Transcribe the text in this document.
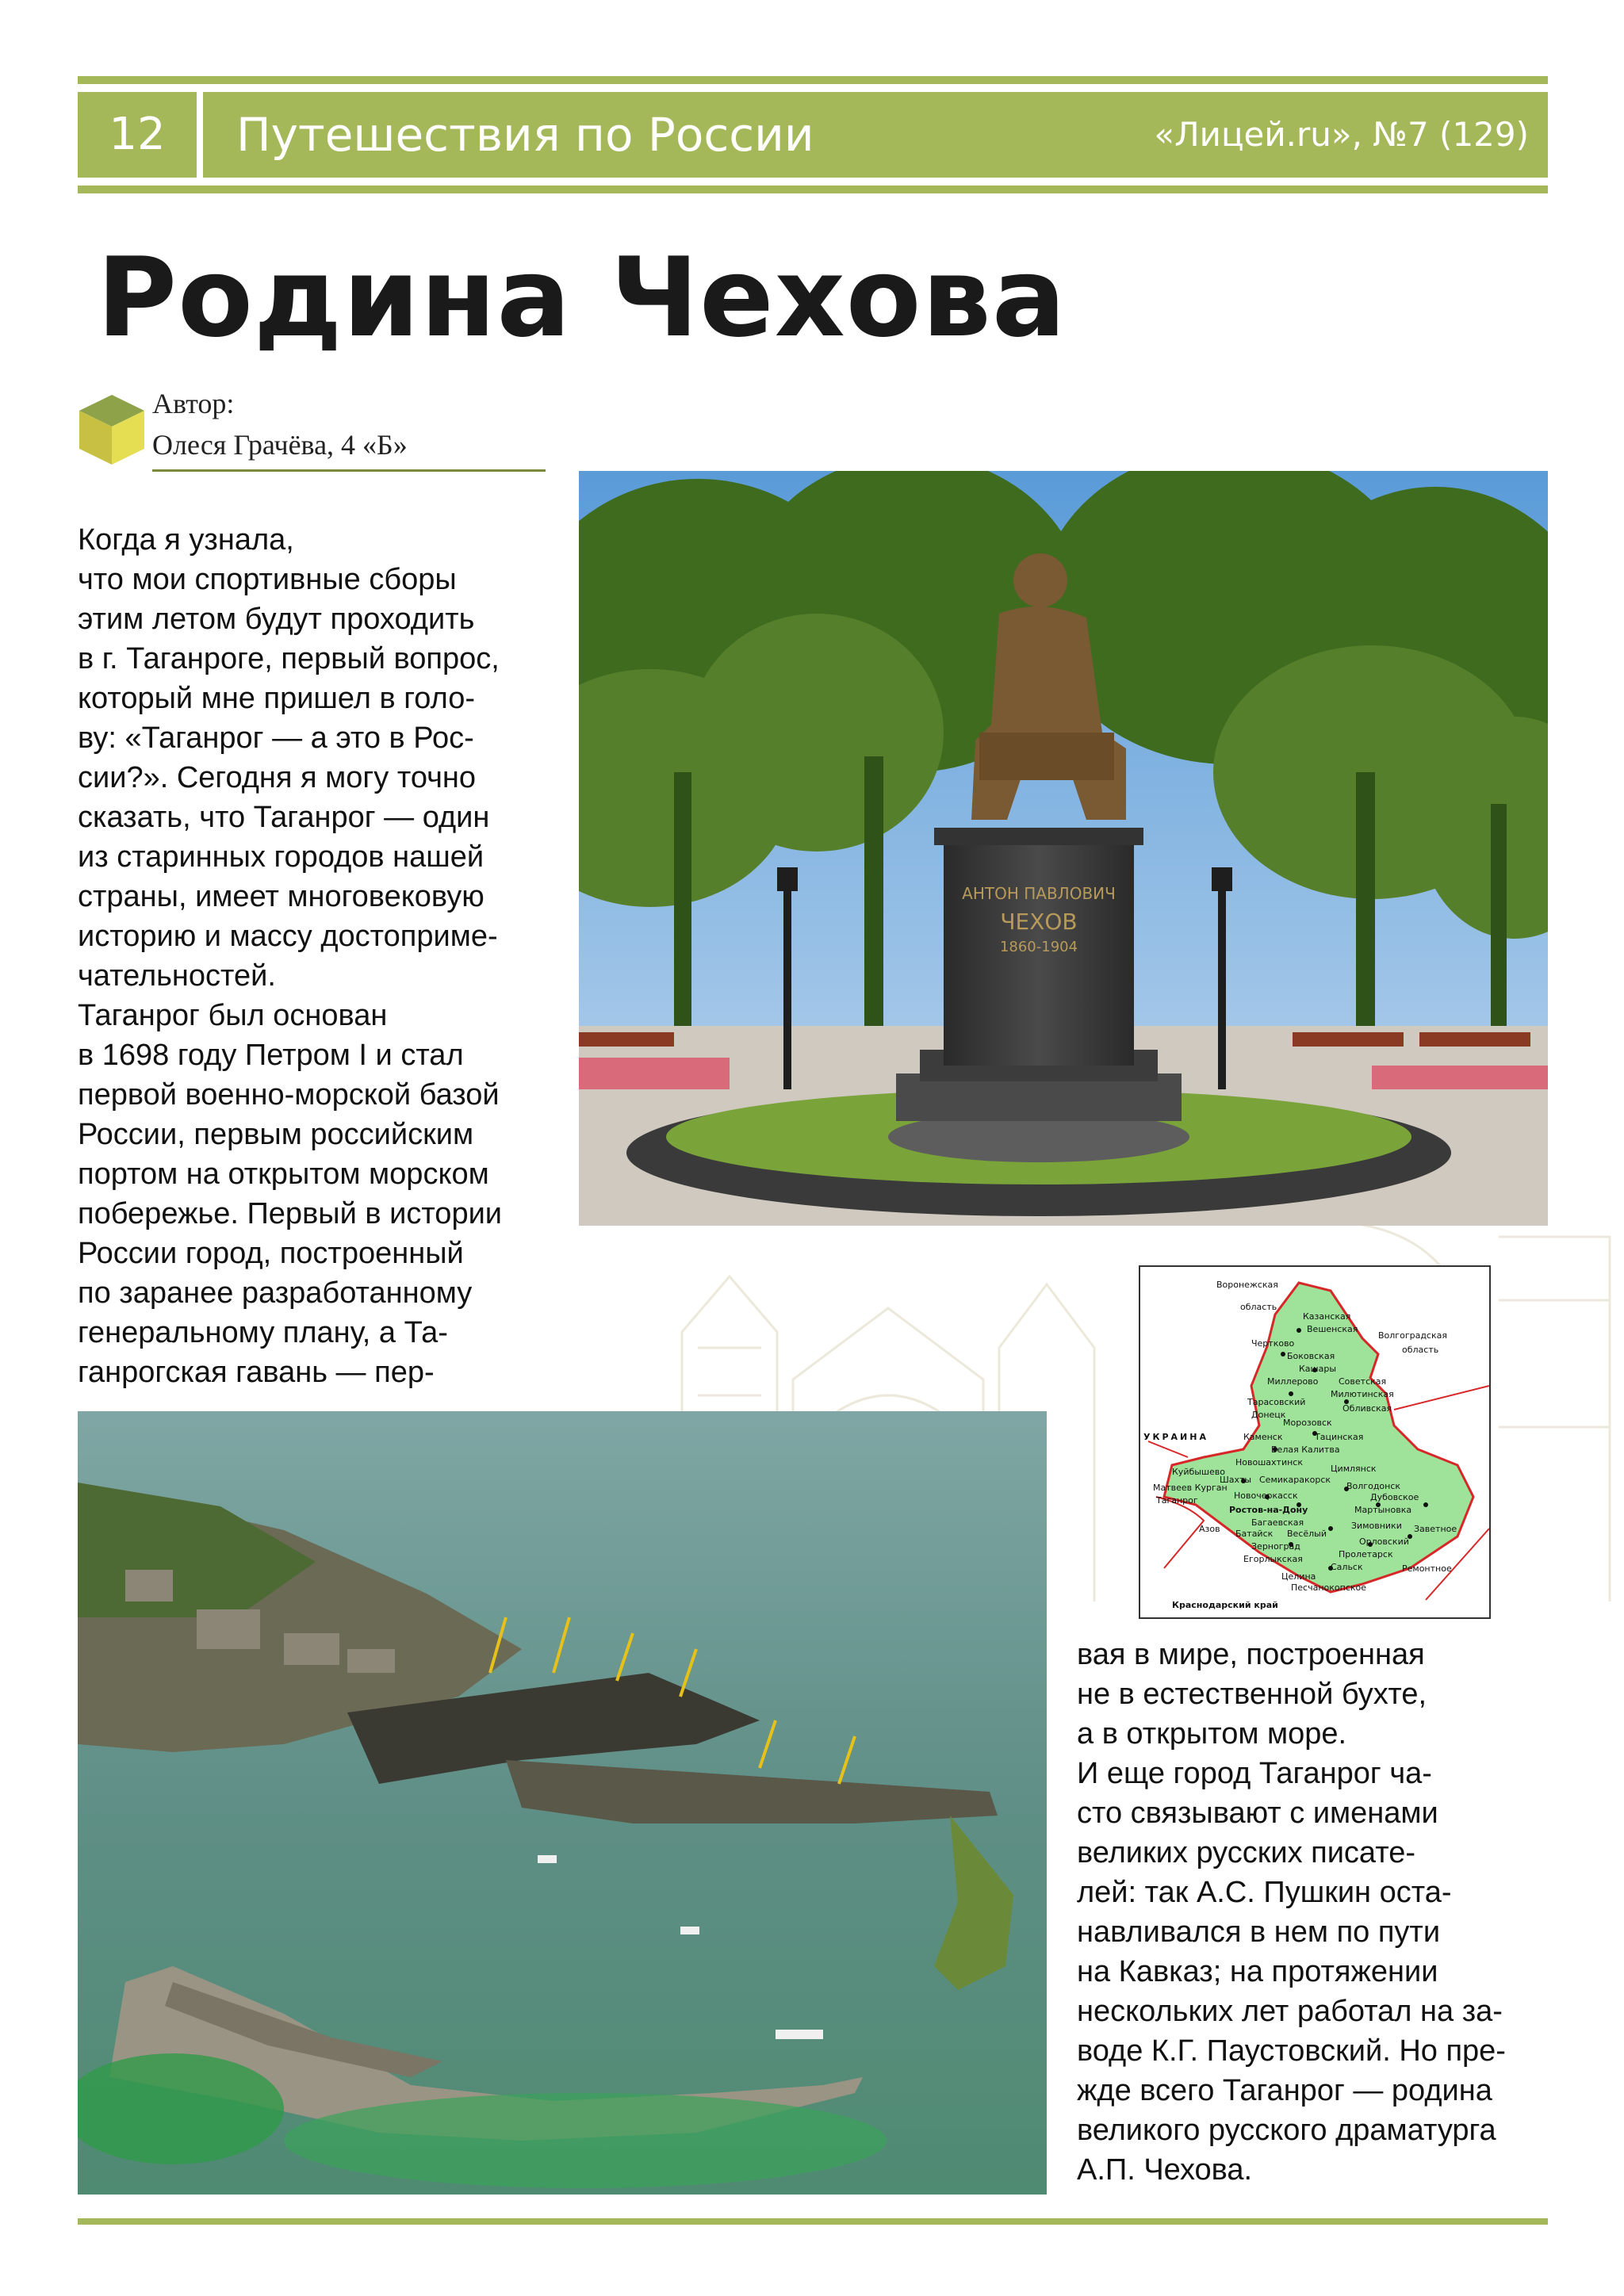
12	Путешествия по России	«Лицей.ru», №7 (129)
Родина Чехова
Автор:
Олеся Грачёва, 4 «Б»
Когда я узнала,
что мои спортивные сборы
этим летом будут проходить
в г. Таганроге, первый вопрос,
который мне пришел в голо-
ву: «Таганрог — а это в Рос-
сии?». Сегодня я могу точно
сказать, что Таганрог — один
из старинных городов нашей
страны, имеет многовековую
историю и массу достоприме-
чательностей.
Таганрог был основан
в 1698 году Петром I и стал
первой военно-морской базой
России, первым российским
портом на открытом морском
побережье. Первый в истории
России город, построенный
по заранее разработанному
генеральному плану, а Та-
ганрогская гавань — пер-
АНТОН ПАВЛОВИЧ
ЧЕХОВ
1860-1904
Воронежская
область
Волгоградская
область
УКРАИНА
Казанская
Вешенская
Чертково
Боковская
Кашары
Миллерово Советская
Милютинская
Тарасовский
Обливская
Донецк
Морозовск
Тацинская
Каменск
Белая Калитва
Новошахтинск
Цимлянск
Куйбышево
Шахты Семикаракорск
Волгодонск
Матвеев Курган
Таганрог	Новочеркасск	Дубовское
Ростов-на-Дону
Багаевская
Мартыновка
Азов	Зимовники Заветное
Батайск Весёлый
Зерноград	Орловский
Егорлыкская	Пролетарск
Сальск
Целина
Песчанокопское
Ремонтное
Краснодарский край
вая в мире, построенная
не в естественной бухте,
а в открытом море.
И еще город Таганрог ча-
сто связывают с именами
великих русских писате-
лей: так А.С. Пушкин оста-
навливался в нем по пути
на Кавказ; на протяжении
нескольких лет работал на за-
воде К.Г. Паустовский. Но пре-
жде всего Таганрог — родина
великого русского драматурга
А.П. Чехова.
